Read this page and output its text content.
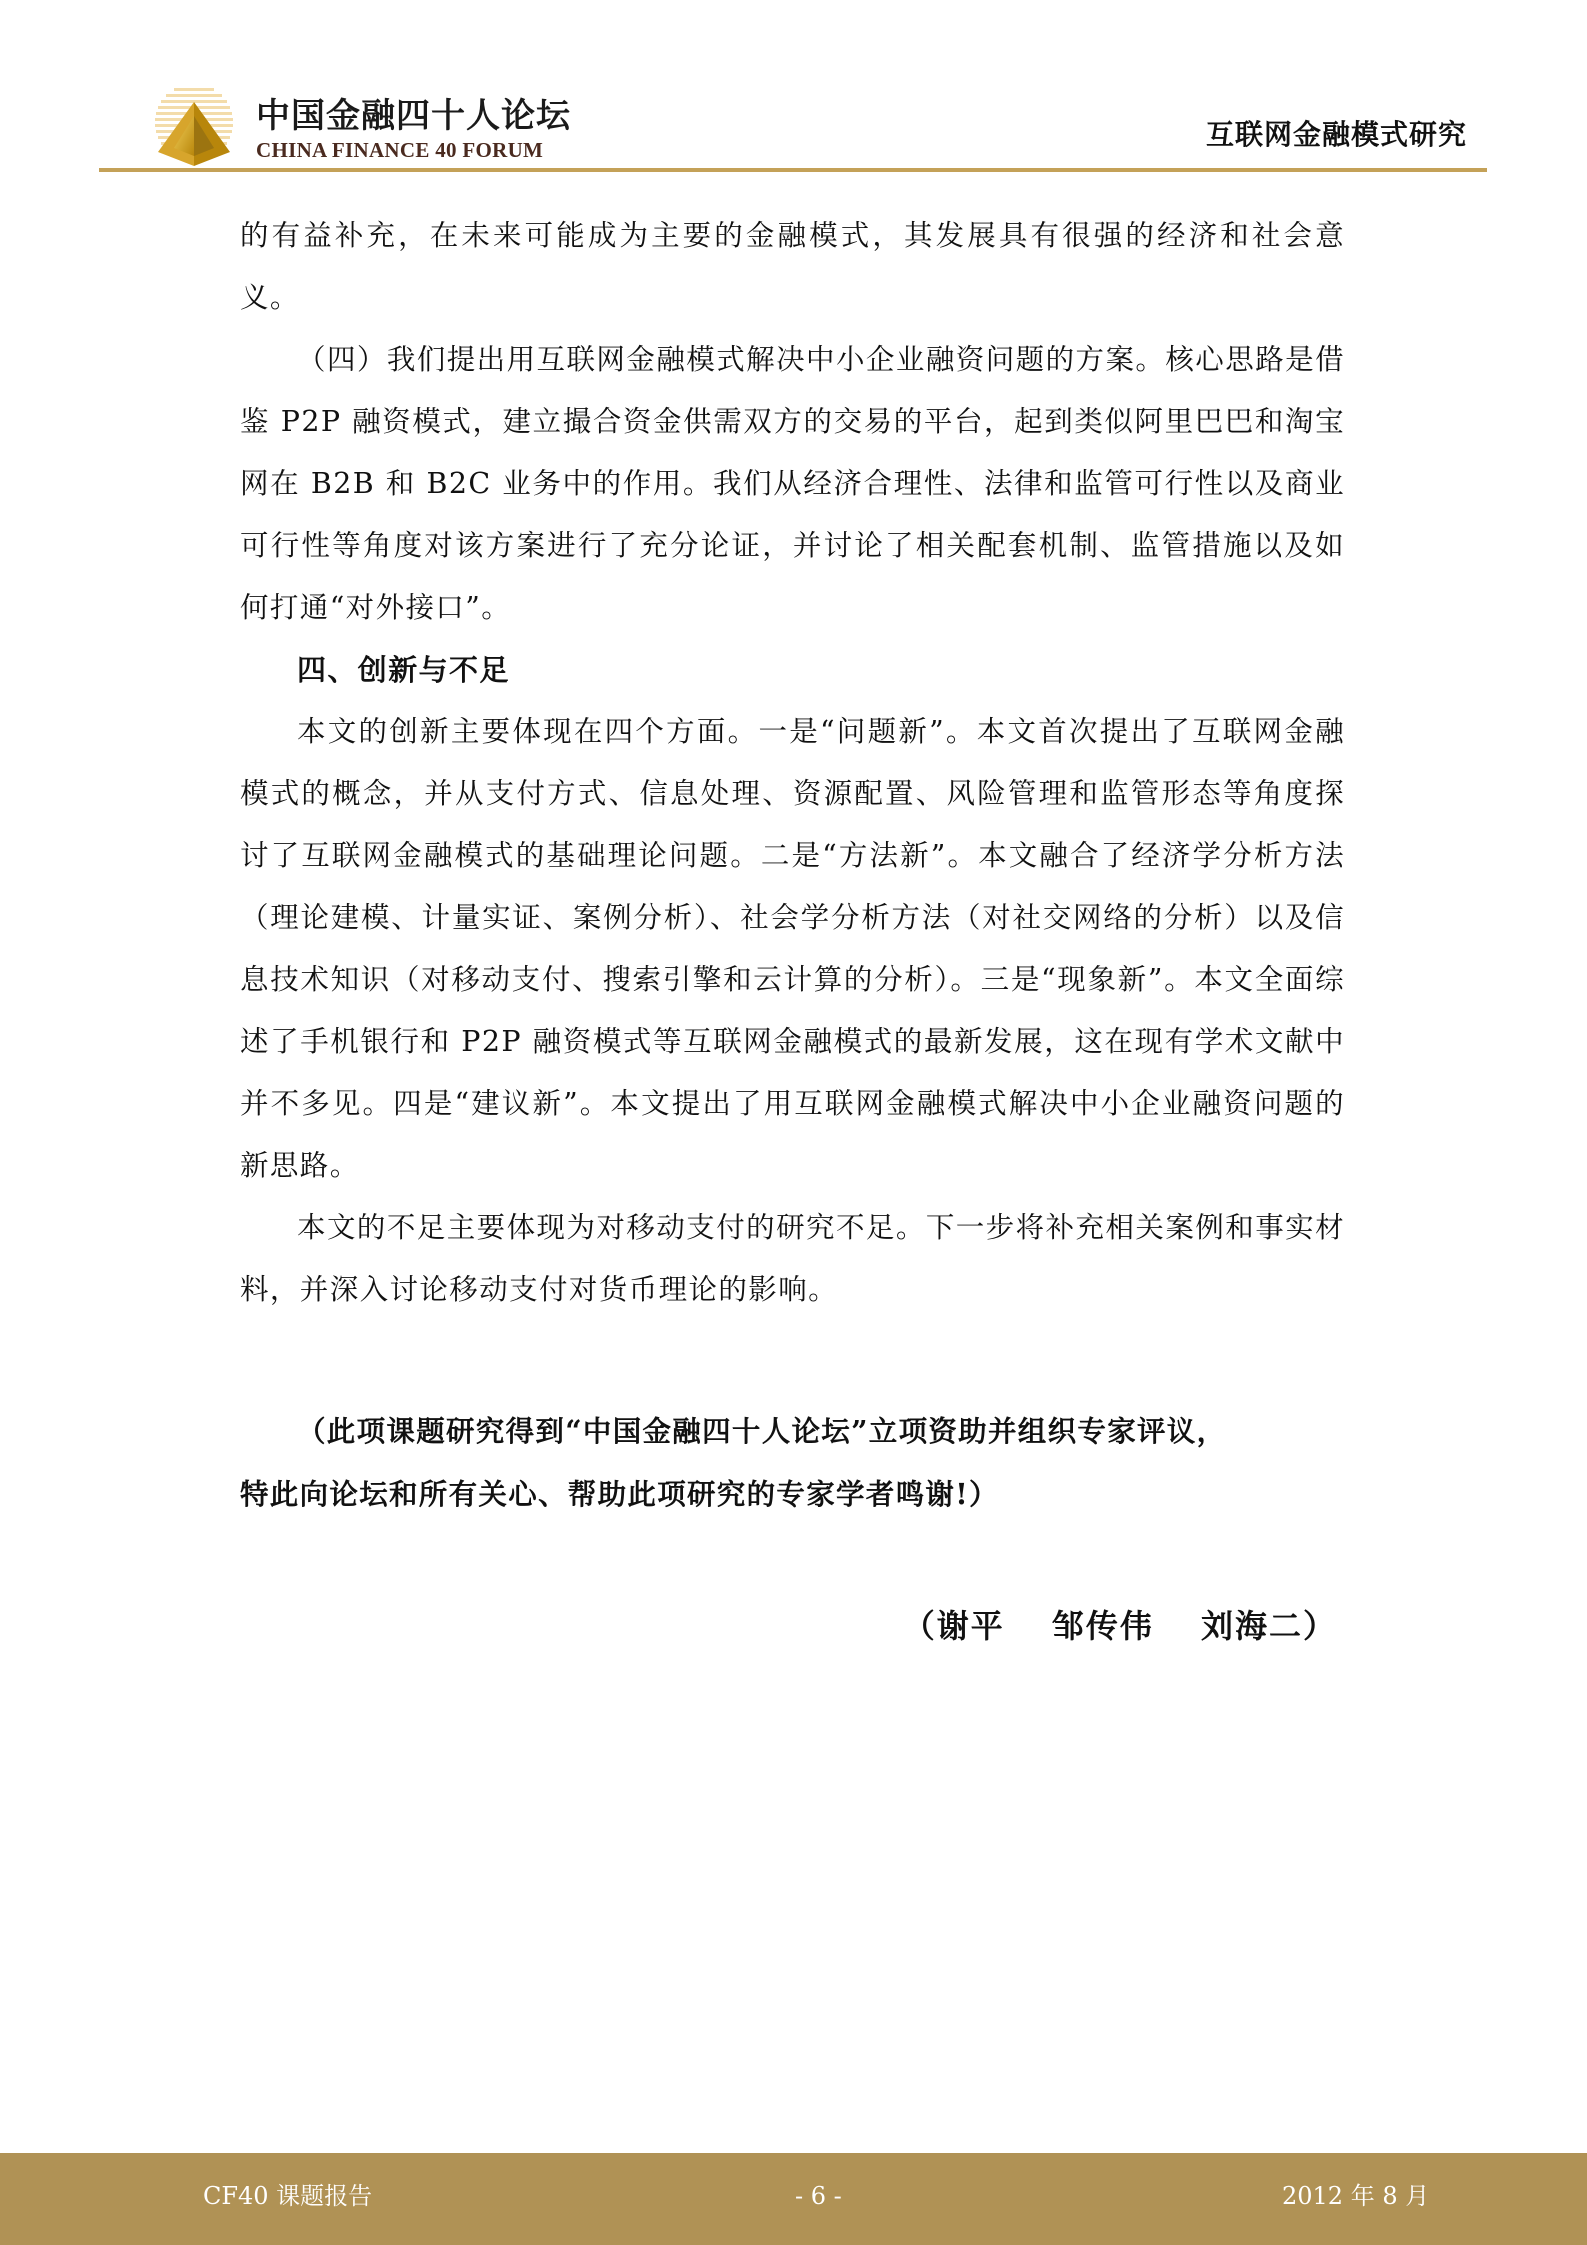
中国金融四十人论坛
CHINA FINANCE 40 FORUM	互联网金融模式研究

的有益补充，在未来可能成为主要的金融模式，其发展具有很强的经济和社会意义。

（四）我们提出用互联网金融模式解决中小企业融资问题的方案。核心思路是借鉴 P2P 融资模式，建立撮合资金供需双方的交易的平台，起到类似阿里巴巴和淘宝网在 B2B 和 B2C 业务中的作用。我们从经济合理性、法律和监管可行性以及商业可行性等角度对该方案进行了充分论证，并讨论了相关配套机制、监管措施以及如何打通“对外接口”。

四、创新与不足

本文的创新主要体现在四个方面。一是“问题新”。本文首次提出了互联网金融模式的概念，并从支付方式、信息处理、资源配置、风险管理和监管形态等角度探讨了互联网金融模式的基础理论问题。二是“方法新”。本文融合了经济学分析方法（理论建模、计量实证、案例分析）、社会学分析方法（对社交网络的分析）以及信息技术知识（对移动支付、搜索引擎和云计算的分析）。三是“现象新”。本文全面综述了手机银行和 P2P 融资模式等互联网金融模式的最新发展，这在现有学术文献中并不多见。四是“建议新”。本文提出了用互联网金融模式解决中小企业融资问题的新思路。

本文的不足主要体现为对移动支付的研究不足。下一步将补充相关案例和事实材料，并深入讨论移动支付对货币理论的影响。

（此项课题研究得到“中国金融四十人论坛”立项资助并组织专家评议，

特此向论坛和所有关心、帮助此项研究的专家学者鸣谢!）

（谢平　 邹传伟　 刘海二）
CF40 课题报告	- 6 -	2012 年 8 月
